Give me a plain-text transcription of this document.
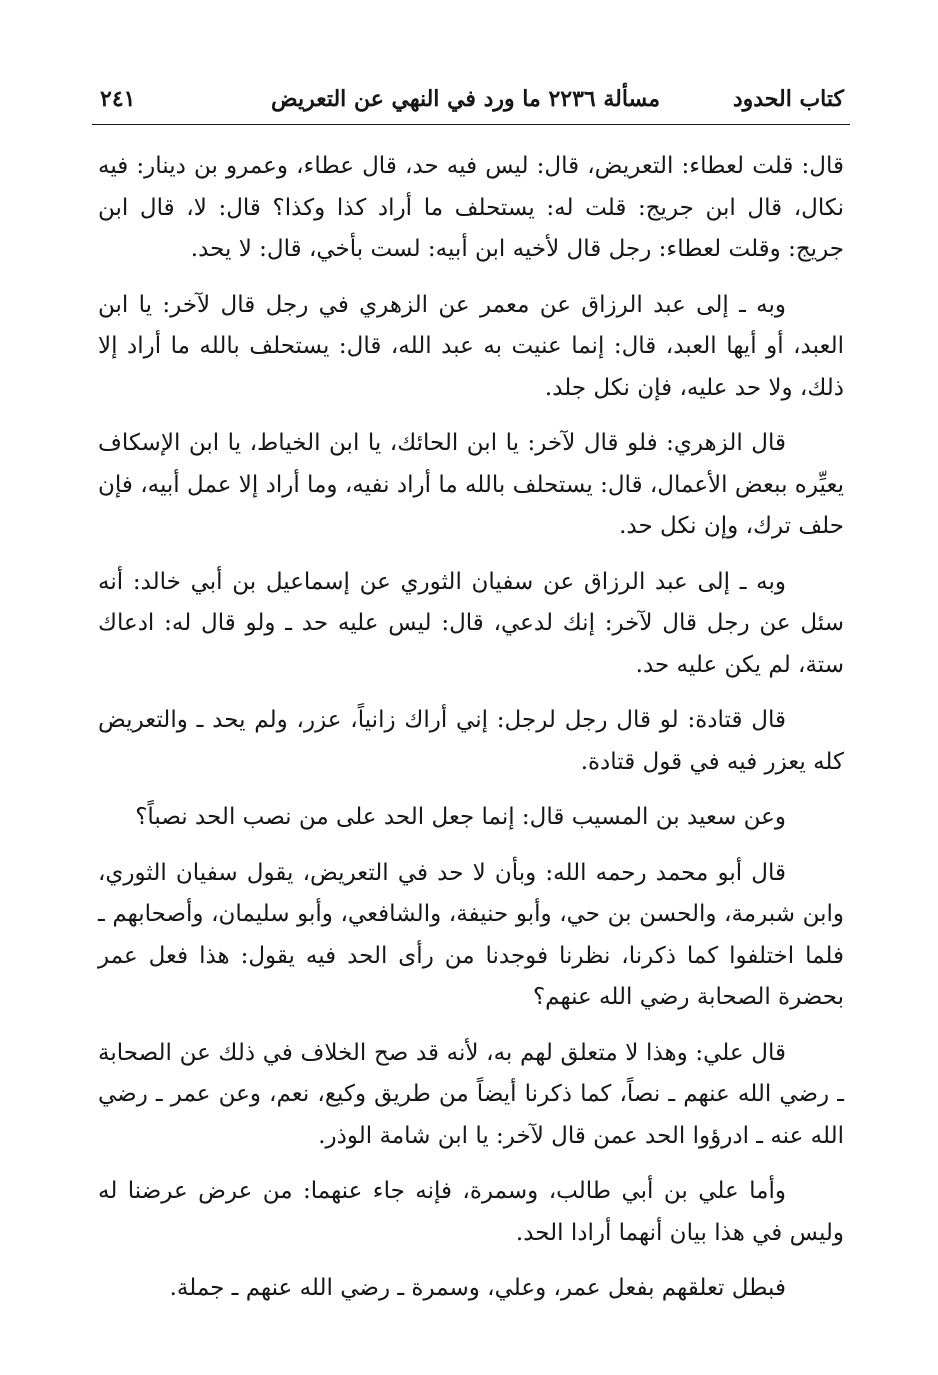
كتاب الحدود
مسألة ٢٢٣٦ ما ورد في النهي عن التعريض
٢٤١

قال: قلت لعطاء: التعريض، قال: ليس فيه حد، قال عطاء، وعمرو بن دينار: فيه نكال، قال ابن جريج: قلت له: يستحلف ما أراد كذا وكذا؟ قال: لا، قال ابن جريج: وقلت لعطاء: رجل قال لأخيه ابن أبيه: لست بأخي، قال: لا يحد.

وبه ـ إلى عبد الرزاق عن معمر عن الزهري في رجل قال لآخر: يا ابن العبد، أو أيها العبد، قال: إنما عنيت به عبد الله، قال: يستحلف بالله ما أراد إلا ذلك، ولا حد عليه، فإن نكل جلد.

قال الزهري: فلو قال لآخر: يا ابن الحائك، يا ابن الخياط، يا ابن الإسكاف يعيِّره ببعض الأعمال، قال: يستحلف بالله ما أراد نفيه، وما أراد إلا عمل أبيه، فإن حلف ترك، وإن نكل حد.

وبه ـ إلى عبد الرزاق عن سفيان الثوري عن إسماعيل بن أبي خالد: أنه سئل عن رجل قال لآخر: إنك لدعي، قال: ليس عليه حد ـ ولو قال له: ادعاك ستة، لم يكن عليه حد.

قال قتادة: لو قال رجل لرجل: إني أراك زانياً، عزر، ولم يحد ـ والتعريض كله يعزر فيه في قول قتادة.

وعن سعيد بن المسيب قال: إنما جعل الحد على من نصب الحد نصباً؟

قال أبو محمد رحمه الله: وبأن لا حد في التعريض، يقول سفيان الثوري، وابن شبرمة، والحسن بن حي، وأبو حنيفة، والشافعي، وأبو سليمان، وأصحابهم ـ فلما اختلفوا كما ذكرنا، نظرنا فوجدنا من رأى الحد فيه يقول: هذا فعل عمر بحضرة الصحابة رضي الله عنهم؟

قال علي: وهذا لا متعلق لهم به، لأنه قد صح الخلاف في ذلك عن الصحابة ـ رضي الله عنهم ـ نصاً، كما ذكرنا أيضاً من طريق وكيع، نعم، وعن عمر ـ رضي الله عنه ـ ادرؤوا الحد عمن قال لآخر: يا ابن شامة الوذر.

وأما علي بن أبي طالب، وسمرة، فإنه جاء عنهما: من عرض عرضنا له وليس في هذا بيان أنهما أرادا الحد.

فبطل تعلقهم بفعل عمر، وعلي، وسمرة ـ رضي الله عنهم ـ جملة.
